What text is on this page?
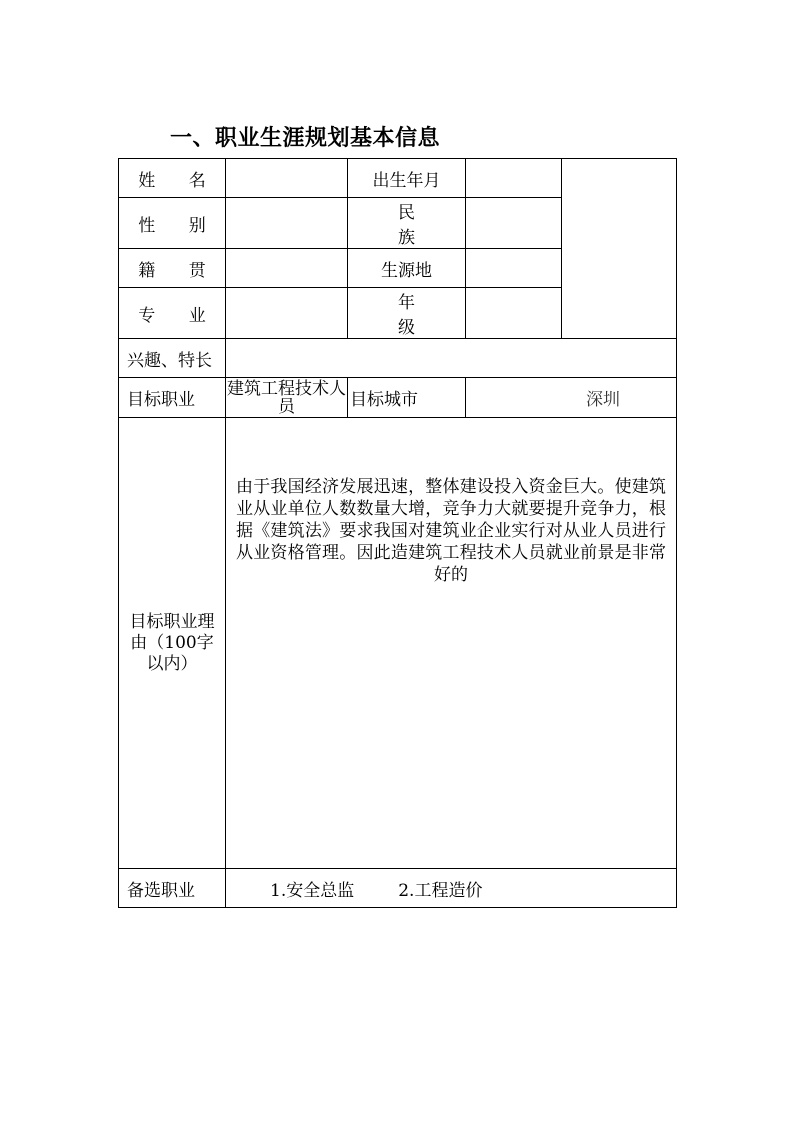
一、职业生涯规划基本信息
姓 名		出生年月		
性 别		民 族		
籍 贯		生源地		
专 业		年 级		
兴趣、特长				
目标职业	建筑工程技术人员	目标城市	深圳	
目标职业理由（100字以内）	由于我国经济发展迅速，整体建设投入资金巨大。使建筑业从业单位人数数量大增，竞争力大就要提升竞争力，根据《建筑法》要求我国对建筑业企业实行对从业人员进行从业资格管理。因此造建筑工程技术人员就业前景是非常好的			

备选职业	1.安全总监 2.工程造价			
